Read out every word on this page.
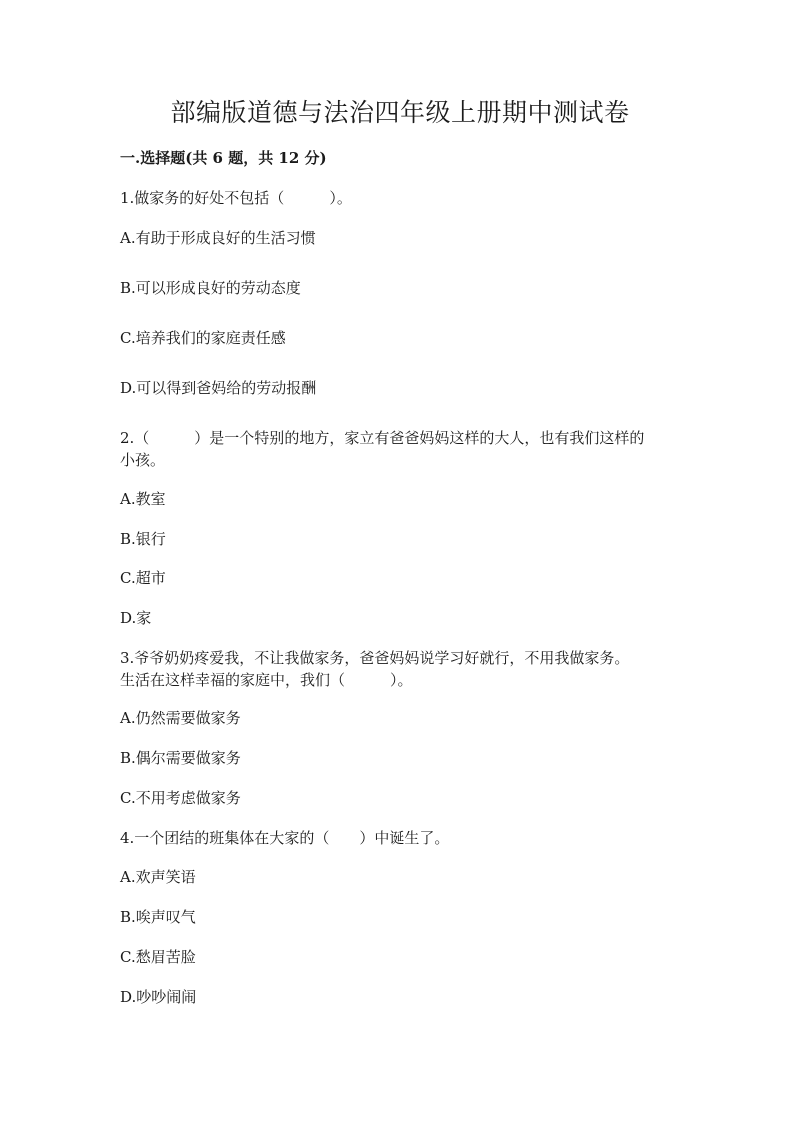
部编版道德与法治四年级上册期中测试卷
一.选择题(共 6 题，共 12 分)
1.做家务的好处不包括（　　　）。
A.有助于形成良好的生活习惯
B.可以形成良好的劳动态度
C.培养我们的家庭责任感
D.可以得到爸妈给的劳动报酬
2.（　　　）是一个特别的地方，家立有爸爸妈妈这样的大人，也有我们这样的
小孩。
A.教室
B.银行
C.超市
D.家
3.爷爷奶奶疼爱我，不让我做家务，爸爸妈妈说学习好就行，不用我做家务。
生活在这样幸福的家庭中，我们（　　　）。
A.仍然需要做家务
B.偶尔需要做家务
C.不用考虑做家务
4.一个团结的班集体在大家的（　　）中诞生了。
A.欢声笑语
B.唉声叹气
C.愁眉苦脸
D.吵吵闹闹
